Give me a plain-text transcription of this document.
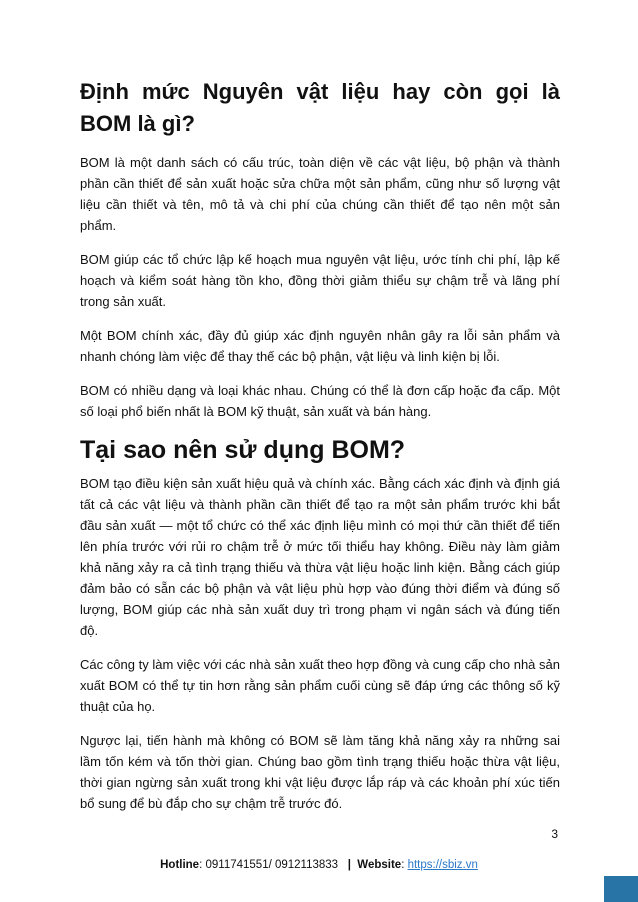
Định mức Nguyên vật liệu hay còn gọi là BOM là gì?

BOM là một danh sách có cấu trúc, toàn diện về các vật liệu, bộ phận và thành phần cần thiết để sản xuất hoặc sửa chữa một sản phẩm, cũng như số lượng vật liệu cần thiết và tên, mô tả và chi phí của chúng cần thiết để tạo nên một sản phẩm.

BOM giúp các tổ chức lập kế hoạch mua nguyên vật liệu, ước tính chi phí, lập kế hoạch và kiểm soát hàng tồn kho, đồng thời giảm thiểu sự chậm trễ và lãng phí trong sản xuất.

Một BOM chính xác, đầy đủ giúp xác định nguyên nhân gây ra lỗi sản phẩm và nhanh chóng làm việc để thay thế các bộ phận, vật liệu và linh kiện bị lỗi.

BOM có nhiều dạng và loại khác nhau. Chúng có thể là đơn cấp hoặc đa cấp. Một số loại phổ biến nhất là BOM kỹ thuật, sản xuất và bán hàng.

Tại sao nên sử dụng BOM?

BOM tạo điều kiện sản xuất hiệu quả và chính xác. Bằng cách xác định và định giá tất cả các vật liệu và thành phần cần thiết để tạo ra một sản phẩm trước khi bắt đầu sản xuất — một tổ chức có thể xác định liệu mình có mọi thứ cần thiết để tiến lên phía trước với rủi ro chậm trễ ở mức tối thiểu hay không. Điều này làm giảm khả năng xảy ra cả tình trạng thiếu và thừa vật liệu hoặc linh kiện. Bằng cách giúp đảm bảo có sẵn các bộ phận và vật liệu phù hợp vào đúng thời điểm và đúng số lượng, BOM giúp các nhà sản xuất duy trì trong phạm vi ngân sách và đúng tiến độ.

Các công ty làm việc với các nhà sản xuất theo hợp đồng và cung cấp cho nhà sản xuất BOM có thể tự tin hơn rằng sản phẩm cuối cùng sẽ đáp ứng các thông số kỹ thuật của họ.

Ngược lại, tiến hành mà không có BOM sẽ làm tăng khả năng xảy ra những sai lầm tốn kém và tốn thời gian. Chúng bao gồm tình trạng thiếu hoặc thừa vật liệu, thời gian ngừng sản xuất trong khi vật liệu được lắp ráp và các khoản phí xúc tiến bổ sung để bù đắp cho sự chậm trễ trước đó.

3
Hotline: 0911741551/ 0912113833 | Website: https://sbiz.vn
